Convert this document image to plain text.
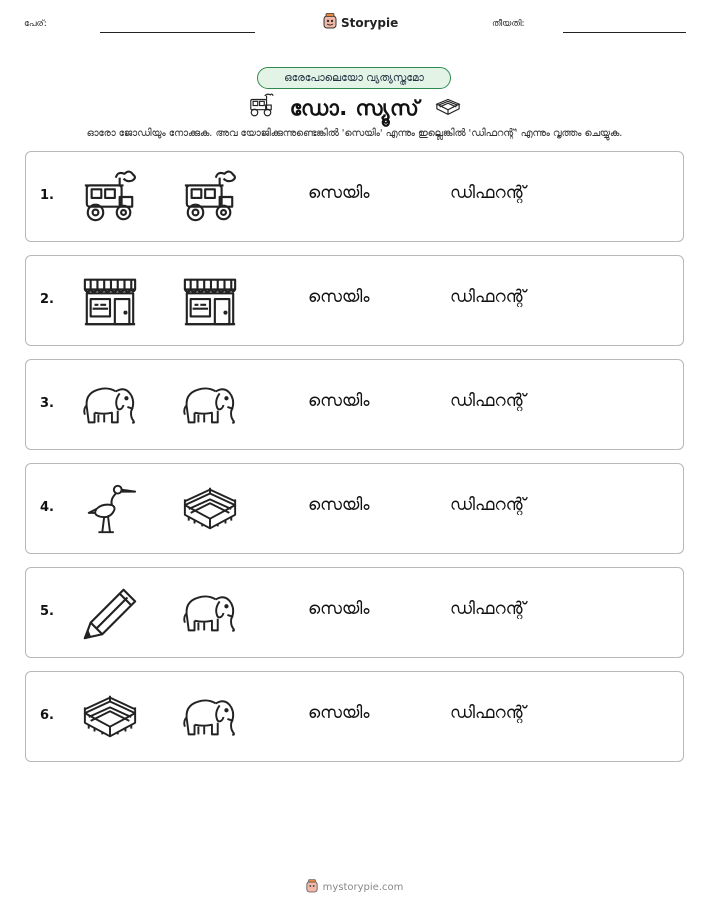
പേര്:	Storypie	തീയതി:
ഒരേപോലെയോ വ്യത്യസ്തമോ
ഡോ. സ്യൂസ്
ഓരോ ജോഡിയും നോക്കുക. അവ യോജിക്കുന്നുണ്ടെങ്കിൽ 'സെയിം' എന്നും ഇല്ലെങ്കിൽ 'ഡിഫറന്റ്' എന്നും വൃത്തം ചെയ്യുക.
1.	സെയിം	ഡിഫറന്റ്
2.	സെയിം	ഡിഫറന്റ്
3.	സെയിം	ഡിഫറന്റ്
4.	സെയിം	ഡിഫറന്റ്
5.	സെയിം	ഡിഫറന്റ്
6.	സെയിം	ഡിഫറന്റ്
mystorypie.com
